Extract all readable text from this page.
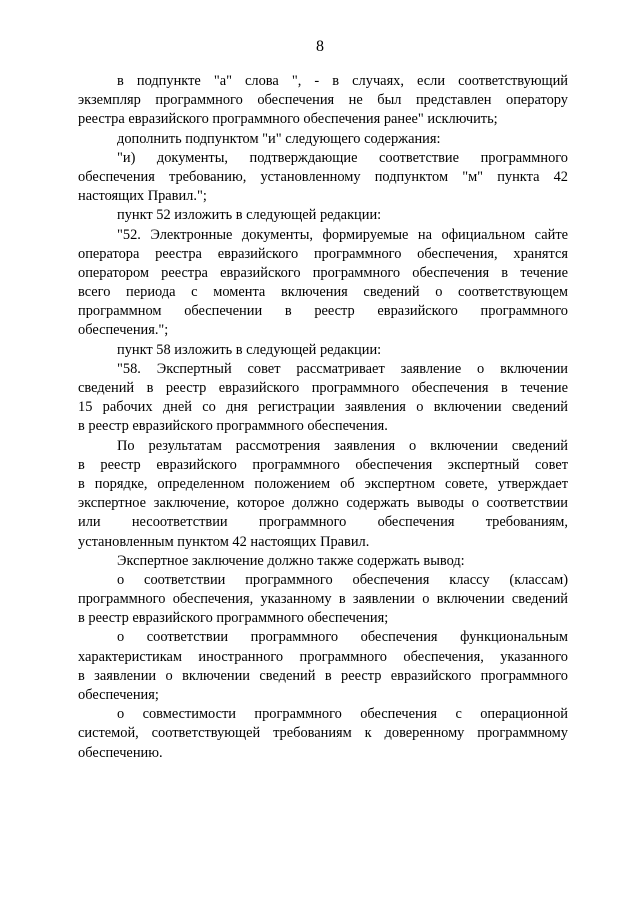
8
в подпункте "а" слова ", - в случаях, если соответствующий
экземпляр программного обеспечения не был представлен оператору
реестра евразийского программного обеспечения ранее" исключить;
дополнить подпунктом "и" следующего содержания:
"и) документы, подтверждающие соответствие программного
обеспечения требованию, установленному подпунктом "м" пункта 42
настоящих Правил.";
пункт 52 изложить в следующей редакции:
"52. Электронные документы, формируемые на официальном сайте
оператора реестра евразийского программного обеспечения, хранятся
оператором реестра евразийского программного обеспечения в течение
всего периода с момента включения сведений о соответствующем
программном обеспечении в реестр евразийского программного
обеспечения.";
пункт 58 изложить в следующей редакции:
"58. Экспертный совет рассматривает заявление о включении
сведений в реестр евразийского программного обеспечения в течение
15 рабочих дней со дня регистрации заявления о включении сведений
в реестр евразийского программного обеспечения.
По результатам рассмотрения заявления о включении сведений
в реестр евразийского программного обеспечения экспертный совет
в порядке, определенном положением об экспертном совете, утверждает
экспертное заключение, которое должно содержать выводы о соответствии
или несоответствии программного обеспечения требованиям,
установленным пунктом 42 настоящих Правил.
Экспертное заключение должно также содержать вывод:
о соответствии программного обеспечения классу (классам)
программного обеспечения, указанному в заявлении о включении сведений
в реестр евразийского программного обеспечения;
о соответствии программного обеспечения функциональным
характеристикам иностранного программного обеспечения, указанного
в заявлении о включении сведений в реестр евразийского программного
обеспечения;
о совместимости программного обеспечения с операционной
системой, соответствующей требованиям к доверенному программному
обеспечению.
